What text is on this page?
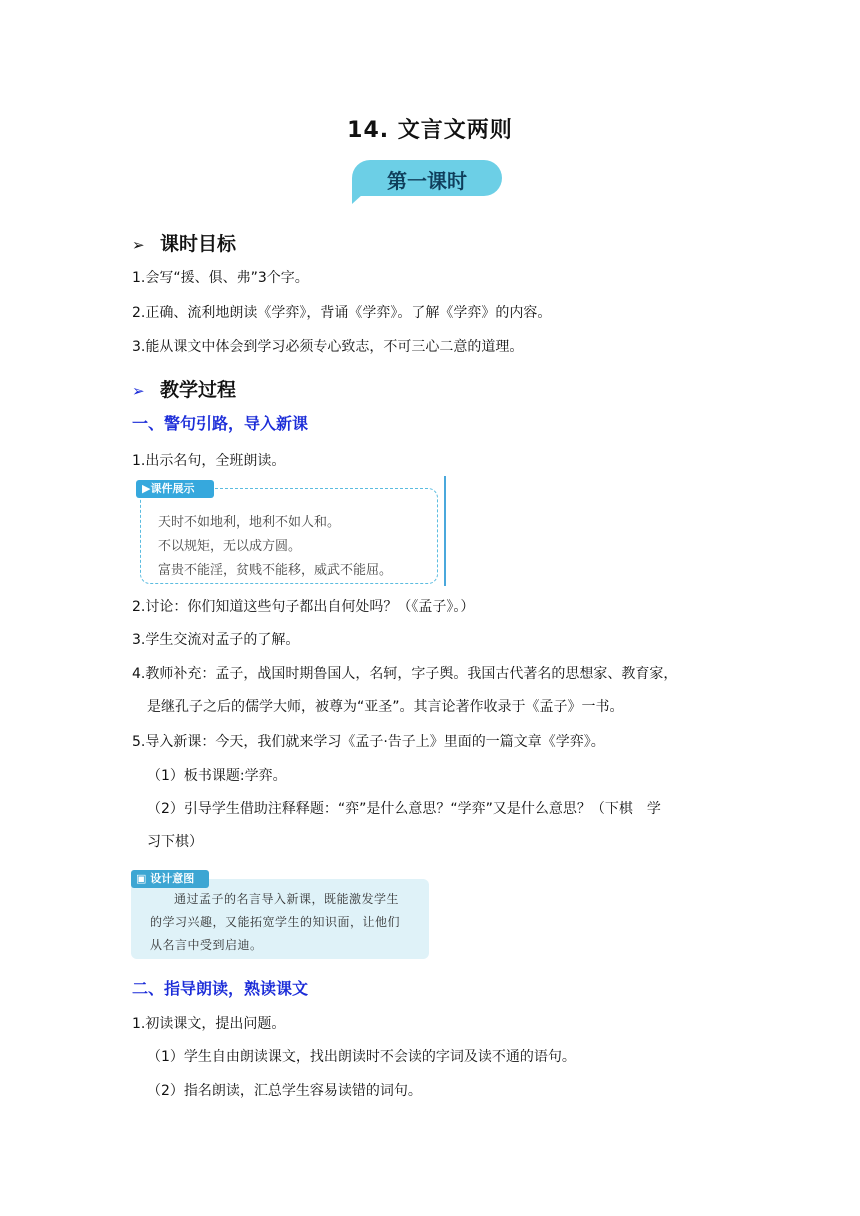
14. 文言文两则
第一课时
➢ 课时目标
1.会写“援、俱、弗”3个字。
2.正确、流利地朗读《学弈》，背诵《学弈》。了解《学弈》的内容。
3.能从课文中体会到学习必须专心致志，不可三心二意的道理。
➢ 教学过程
一、警句引路，导入新课
1.出示名句，全班朗读。
▶课件展示
天时不如地利，地利不如人和。
不以规矩，无以成方圆。
富贵不能淫，贫贱不能移，威武不能屈。
2.讨论：你们知道这些句子都出自何处吗？（《孟子》。）
3.学生交流对孟子的了解。
4.教师补充：孟子，战国时期鲁国人，名轲，字子舆。我国古代著名的思想家、教育家，
是继孔子之后的儒学大师，被尊为“亚圣”。其言论著作收录于《孟子》一书。
5.导入新课：今天，我们就来学习《孟子·告子上》里面的一篇文章《学弈》。
（1）板书课题:学弈。
（2）引导学生借助注释释题：“弈”是什么意思？“学弈”又是什么意思？（下棋　学
习下棋）
▣ 设计意图
通过孟子的名言导入新课，既能激发学生
的学习兴趣，又能拓宽学生的知识面，让他们
从名言中受到启迪。
二、指导朗读，熟读课文
1.初读课文，提出问题。
（1）学生自由朗读课文，找出朗读时不会读的字词及读不通的语句。
（2）指名朗读，汇总学生容易读错的词句。
